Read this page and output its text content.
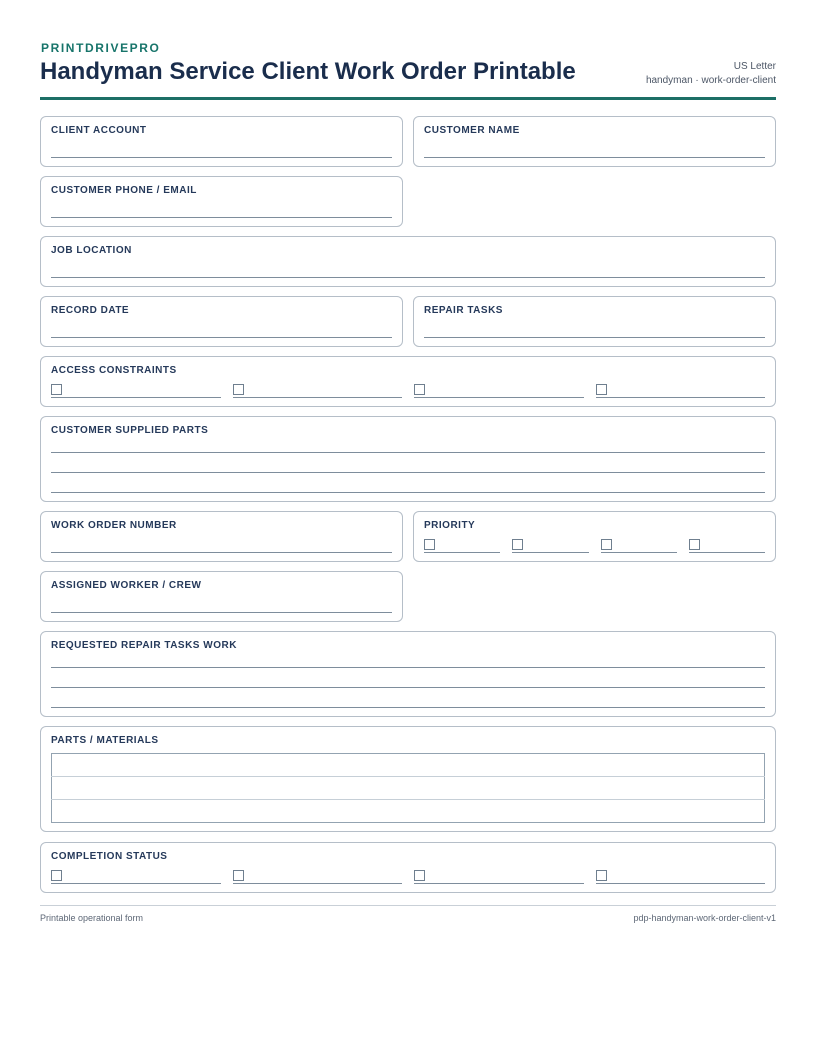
PRINTDRIVEPRO
Handyman Service Client Work Order Printable	US Letter
handyman · work-order-client
CLIENT ACCOUNT	CUSTOMER NAME
CUSTOMER PHONE / EMAIL
JOB LOCATION
RECORD DATE	REPAIR TASKS
ACCESS CONSTRAINTS
CUSTOMER SUPPLIED PARTS
WORK ORDER NUMBER	PRIORITY
ASSIGNED WORKER / CREW
REQUESTED REPAIR TASKS WORK
PARTS / MATERIALS

COMPLETION STATUS
Printable operational form	pdp-handyman-work-order-client-v1
